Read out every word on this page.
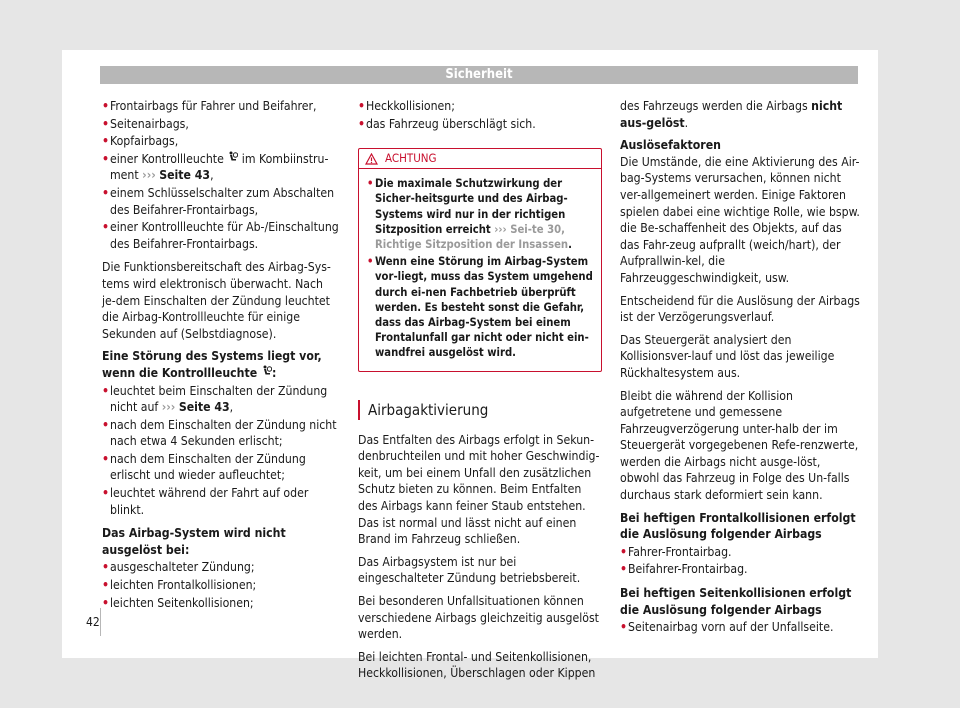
Sicherheit
• Frontairbags für Fahrer und Beifahrer,
• Seitenairbags,
• Kopfairbags,
• einer Kontrollleuchte im Kombiinstru-ment ››› Seite 43,
• einem Schlüsselschalter zum Abschalten des Beifahrer-Frontairbags,
• einer Kontrollleuchte für Ab-/Einschaltung des Beifahrer-Frontairbags.

Die Funktionsbereitschaft des Airbag-Sys-tems wird elektronisch überwacht. Nach je-dem Einschalten der Zündung leuchtet die Airbag-Kontrollleuchte für einige Sekunden auf (Selbstdiagnose).

Eine Störung des Systems liegt vor, wenn die Kontrollleuchte :

• leuchtet beim Einschalten der Zündung nicht auf ››› Seite 43,
• nach dem Einschalten der Zündung nicht nach etwa 4 Sekunden erlischt;
• nach dem Einschalten der Zündung erlischt und wieder aufleuchtet;
• leuchtet während der Fahrt auf oder blinkt.

Das Airbag-System wird nicht ausgelöst bei:

• ausgeschalteter Zündung;
• leichten Frontalkollisionen;
• leichten Seitenkollisionen;
• Heckkollisionen;
• das Fahrzeug überschlägt sich.
ACHTUNG
• Die maximale Schutzwirkung der Sicher-heitsgurte und des Airbag-Systems wird nur in der richtigen Sitzposition erreicht ››› Sei-te 30, Richtige Sitzposition der Insassen.
• Wenn eine Störung im Airbag-System vor-liegt, muss das System umgehend durch ei-nen Fachbetrieb überprüft werden. Es besteht sonst die Gefahr, dass das Airbag-System bei einem Frontalunfall gar nicht oder nicht ein-wandfrei ausgelöst wird.
Airbagaktivierung

Das Entfalten des Airbags erfolgt in Sekun-denbruchteilen und mit hoher Geschwindig-keit, um bei einem Unfall den zusätzlichen Schutz bieten zu können. Beim Entfalten des Airbags kann feiner Staub entstehen. Das ist normal und lässt nicht auf einen Brand im Fahrzeug schließen.

Das Airbagsystem ist nur bei eingeschalteter Zündung betriebsbereit.

Bei besonderen Unfallsituationen können verschiedene Airbags gleichzeitig ausgelöst werden.

Bei leichten Frontal- und Seitenkollisionen, Heckkollisionen, Überschlagen oder Kippen

des Fahrzeugs werden die Airbags nicht aus-gelöst.

Auslösefaktoren

Die Umstände, die eine Aktivierung des Air-bag-Systems verursachen, können nicht ver-allgemeinert werden. Einige Faktoren spielen dabei eine wichtige Rolle, wie bspw. die Be-schaffenheit des Objekts, auf das das Fahr-zeug aufprallt (weich/hart), der Aufprallwin-kel, die Fahrzeuggeschwindigkeit, usw.

Entscheidend für die Auslösung der Airbags ist der Verzögerungsverlauf.

Das Steuergerät analysiert den Kollisionsver-lauf und löst das jeweilige Rückhaltesystem aus.

Bleibt die während der Kollision aufgetretene und gemessene Fahrzeugverzögerung unter-halb der im Steuergerät vorgegebenen Refe-renzwerte, werden die Airbags nicht ausge-löst, obwohl das Fahrzeug in Folge des Un-falls durchaus stark deformiert sein kann.

Bei heftigen Frontalkollisionen erfolgt die Auslösung folgender Airbags

• Fahrer-Frontairbag.
• Beifahrer-Frontairbag.

Bei heftigen Seitenkollisionen erfolgt die Auslösung folgender Airbags

• Seitenairbag vorn auf der Unfallseite.
42
